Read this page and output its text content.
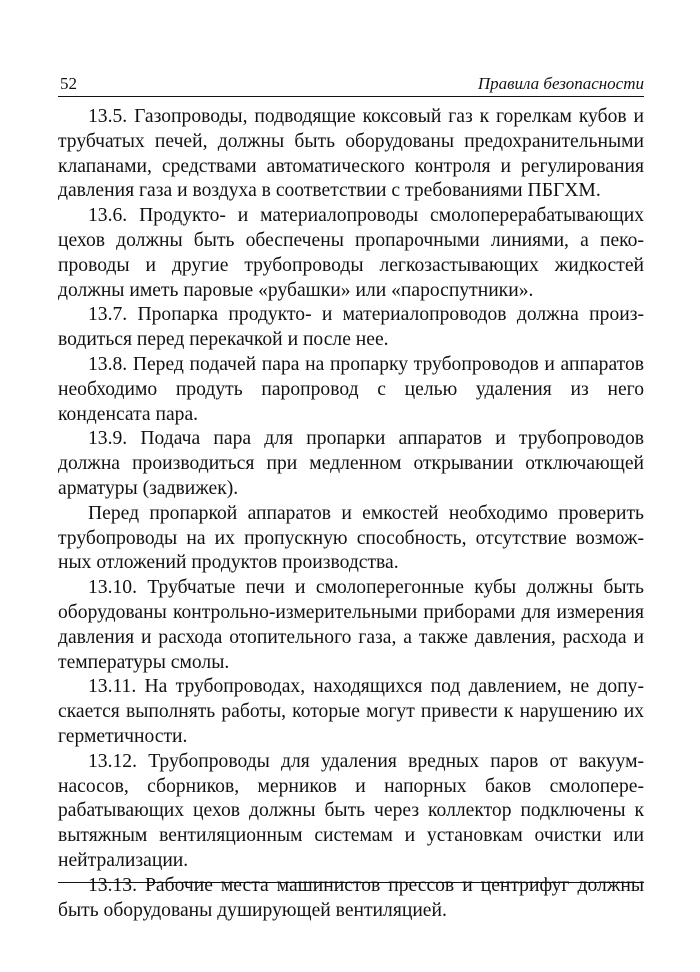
52	Правила безопасности

13.5. Газопроводы, подводящие коксовый газ к горелкам кубов и трубчатых печей, должны быть оборудованы предохранительными клапанами, средствами автоматического контроля и регулирования давления газа и воздуха в соответствии с требованиями ПБГХМ.

13.6. Продукто- и материалопроводы смолоперерабатывающих цехов должны быть обеспечены пропарочными линиями, а пекопроводы и другие трубопроводы легкозастывающих жидкостей должны иметь паровые «рубашки» или «пароспутники».

13.7. Пропарка продукто- и материалопроводов должна производиться перед перекачкой и после нее.

13.8. Перед подачей пара на пропарку трубопроводов и аппаратов необходимо продуть паропровод с целью удаления из него конденсата пара.

13.9. Подача пара для пропарки аппаратов и трубопроводов должна производиться при медленном открывании отключающей арматуры (задвижек).

Перед пропаркой аппаратов и емкостей необходимо проверить трубопроводы на их пропускную способность, отсутствие возможных отложений продуктов производства.

13.10. Трубчатые печи и смолоперегонные кубы должны быть оборудованы контрольно-измерительными приборами для измерения давления и расхода отопительного газа, а также давления, расхода и температуры смолы.

13.11. На трубопроводах, находящихся под давлением, не допускается выполнять работы, которые могут привести к нарушению их герметичности.

13.12. Трубопроводы для удаления вредных паров от вакуум-насосов, сборников, мерников и напорных баков смолоперерабатывающих цехов должны быть через коллектор подключены к вытяжным вентиляционным системам и установкам очистки или нейтрализации.

13.13. Рабочие места машинистов прессов и центрифуг должны быть оборудованы душирующей вентиляцией.
